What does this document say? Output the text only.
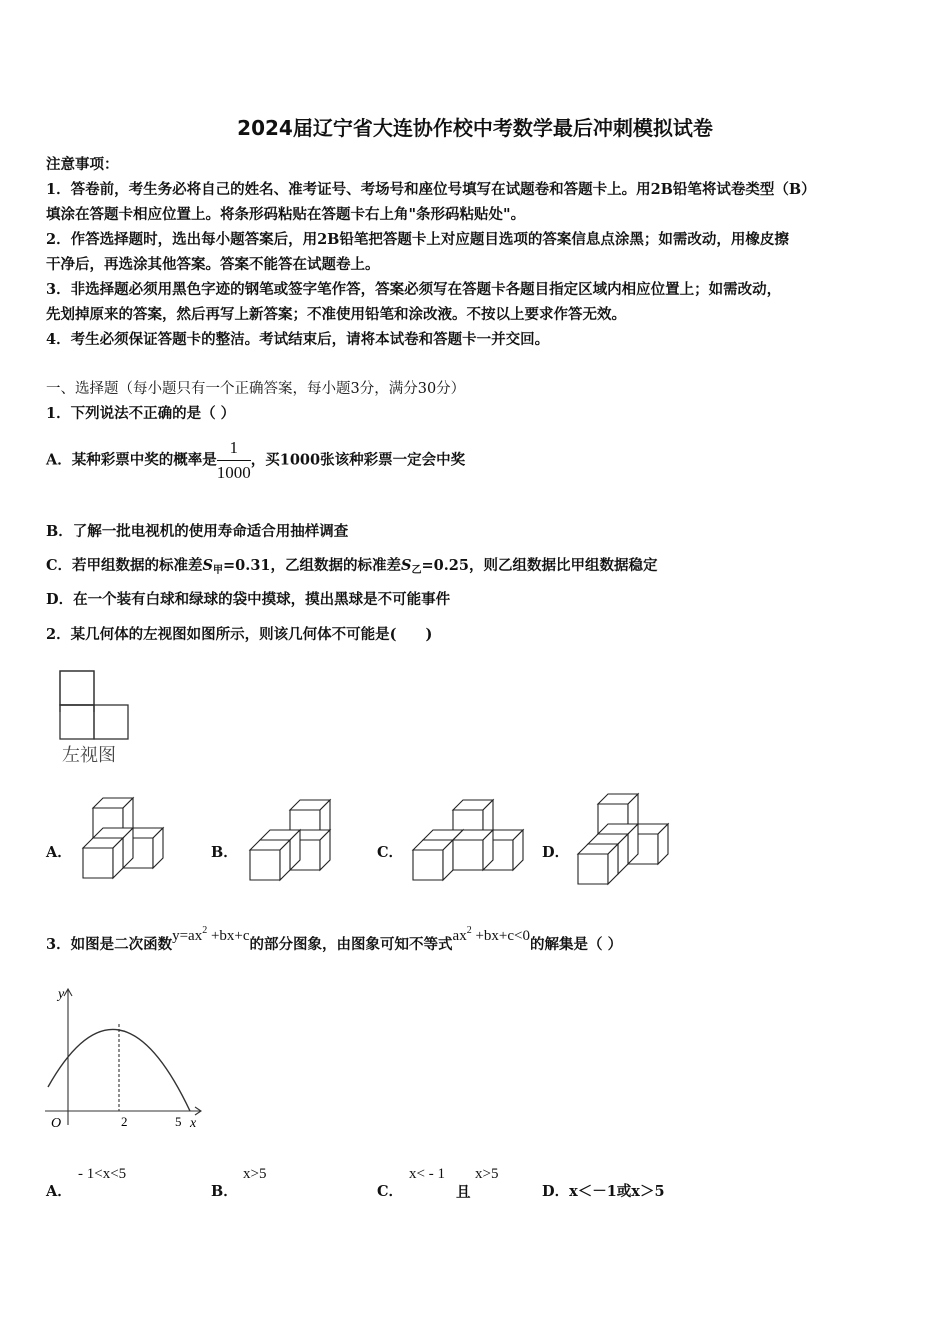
2024届辽宁省大连协作校中考数学最后冲刺模拟试卷
注意事项：
1．答卷前，考生务必将自己的姓名、准考证号、考场号和座位号填写在试题卷和答题卡上。用2B铅笔将试卷类型（B）
填涂在答题卡相应位置上。将条形码粘贴在答题卡右上角"条形码粘贴处"。
2．作答选择题时，选出每小题答案后，用2B铅笔把答题卡上对应题目选项的答案信息点涂黑；如需改动，用橡皮擦
干净后，再选涂其他答案。答案不能答在试题卷上。
3．非选择题必须用黑色字迹的钢笔或签字笔作答，答案必须写在答题卡各题目指定区域内相应位置上；如需改动，
先划掉原来的答案，然后再写上新答案；不准使用铅笔和涂改液。不按以上要求作答无效。
4．考生必须保证答题卡的整洁。考试结束后，请将本试卷和答题卡一并交回。
一、选择题（每小题只有一个正确答案，每小题3分，满分30分）
1．下列说法不正确的是（ ）
A．某种彩票中奖的概率是 $\frac{1}{1000}$ ，买1000张该种彩票一定会中奖
B．了解一批电视机的使用寿命适合用抽样调查
C．若甲组数据的标准差$S_甲=0.31$，乙组数据的标准差$S_乙=0.25$，则乙组数据比甲组数据稳定
D．在一个装有白球和绿球的袋中摸球，摸出黑球是不可能事件
2．某几何体的左视图如图所示，则该几何体不可能是(　　)
左视图
A．	B．	C．	D．
3．如图是二次函数$y=ax^2 +bx+c$的部分图象，由图象可知不等式$ax^2 +bx+c<0$的解集是（ ）
y
x
O	2	5
A．
- 1<x<5
B．
x>5
C．
x< - 1
且
x>5
D．x＜－1或x＞5
